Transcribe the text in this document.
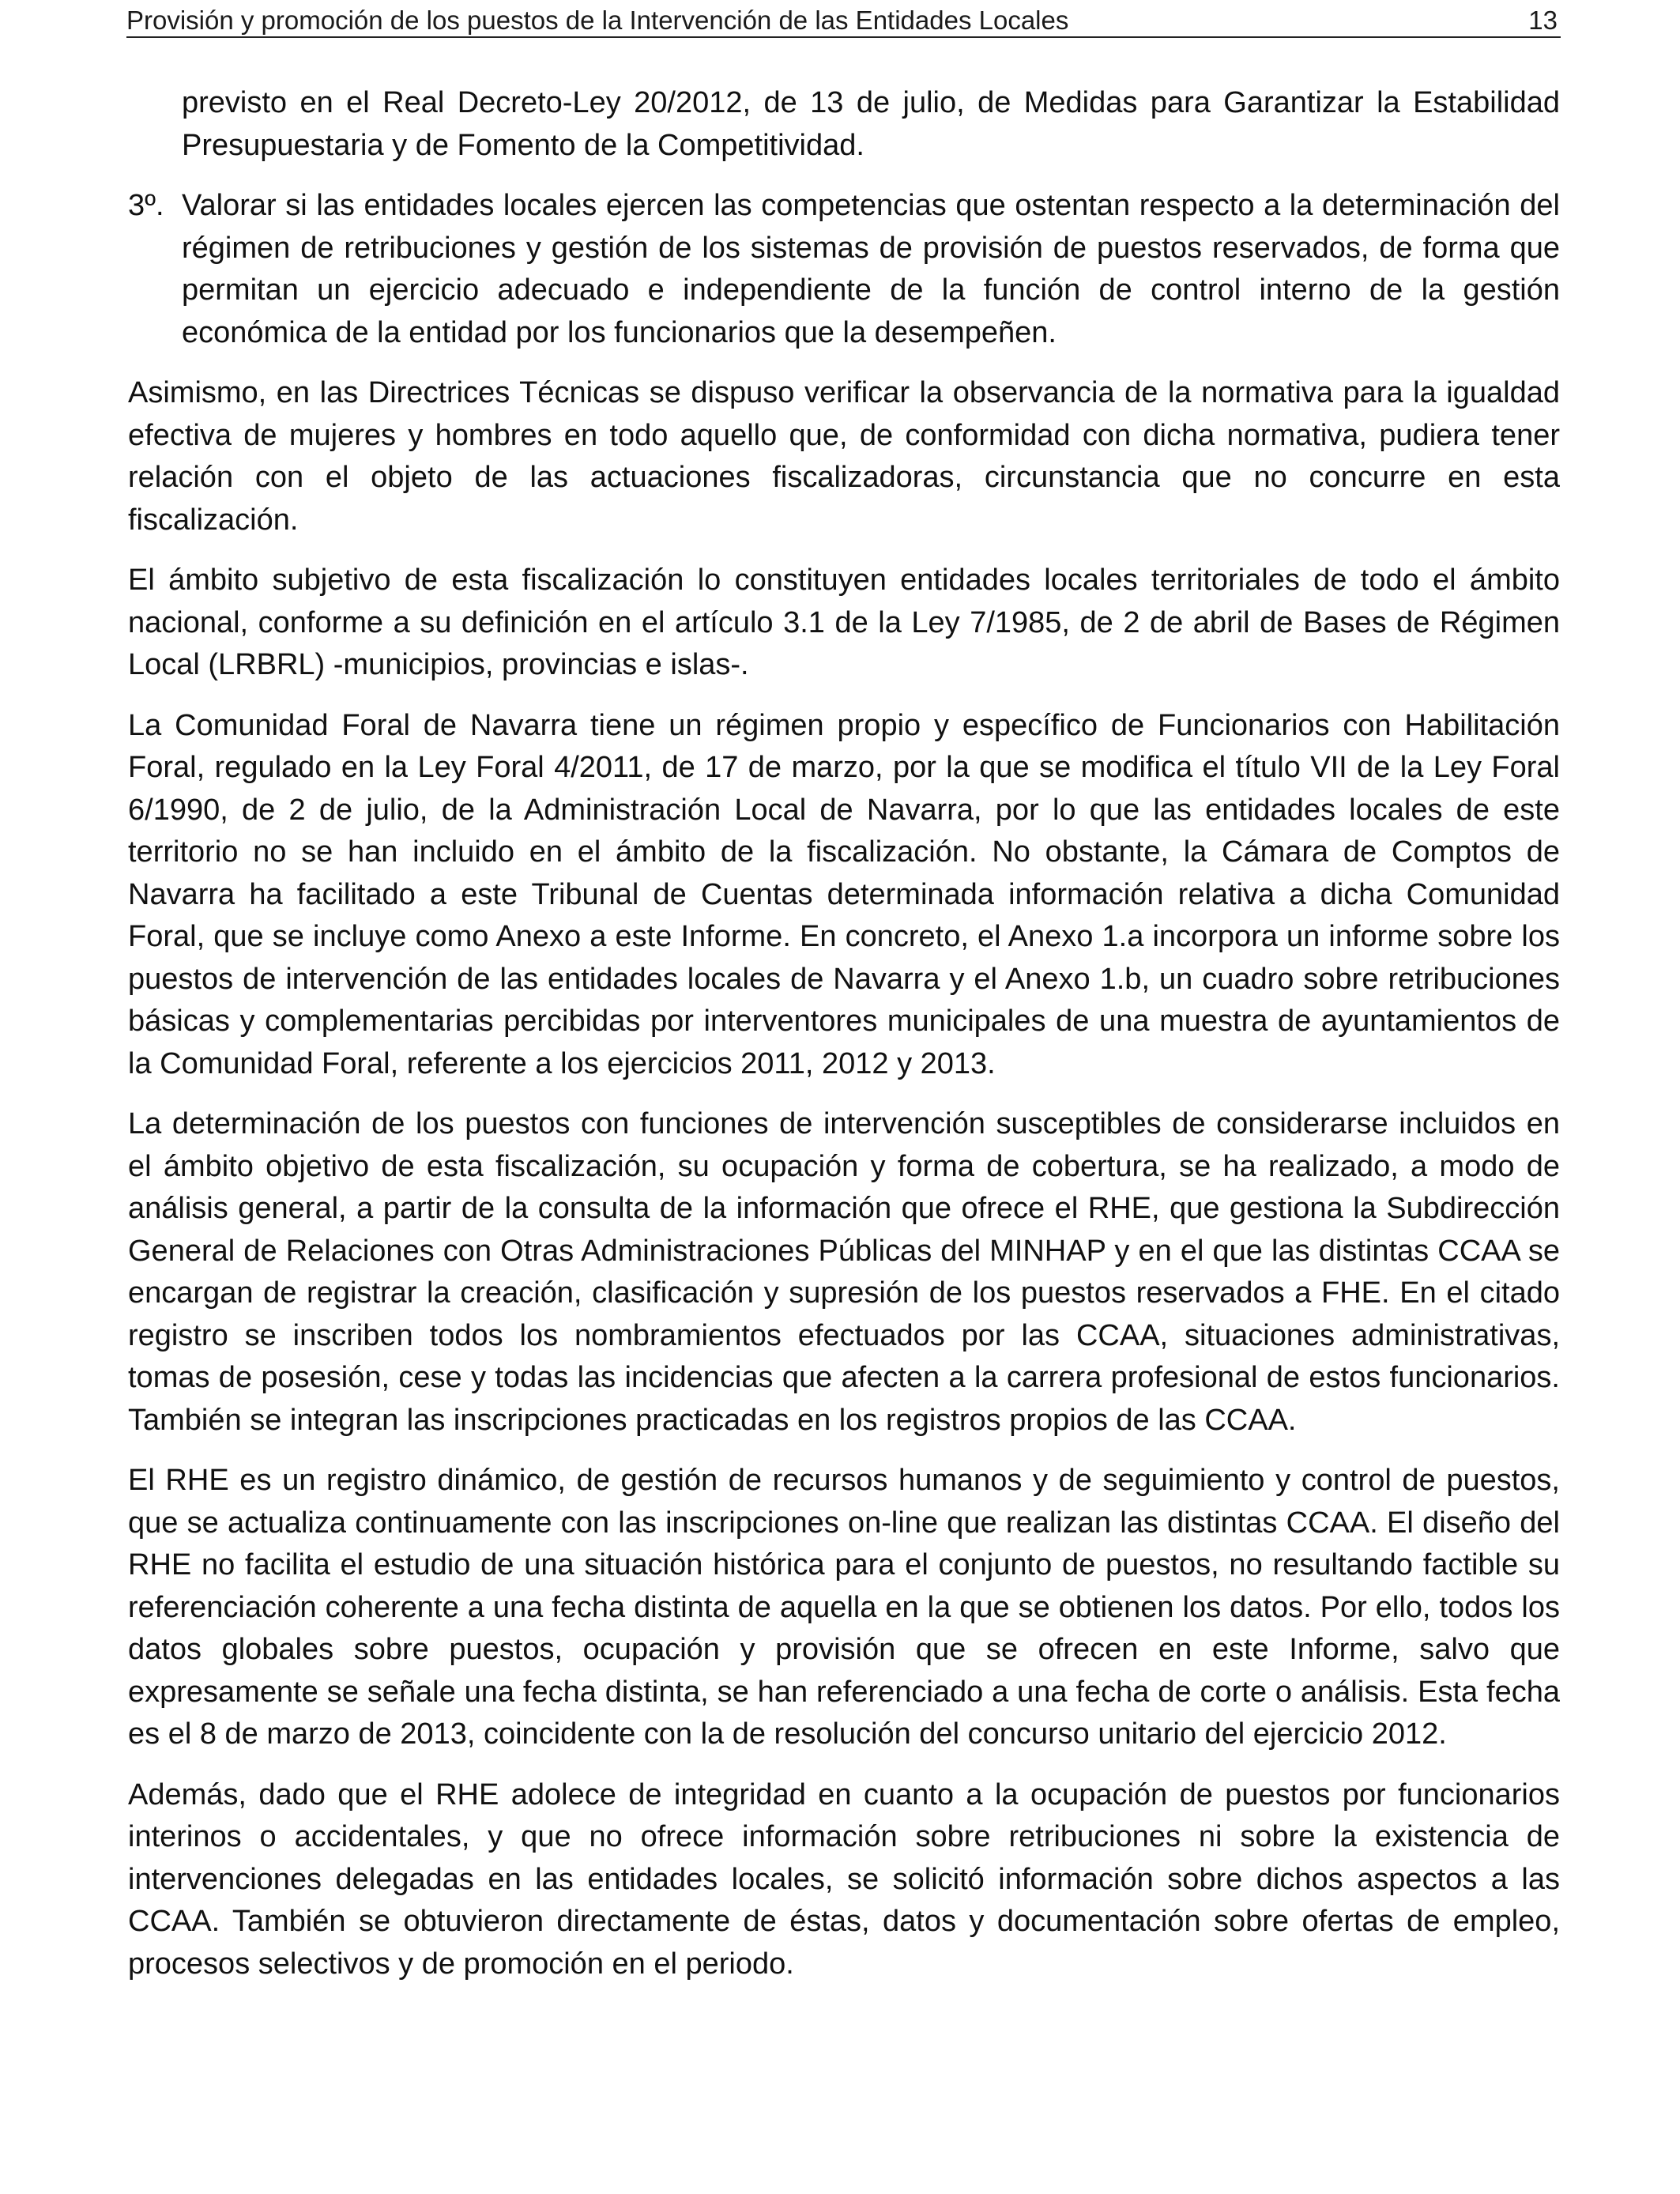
Provisión y promoción de los puestos de la Intervención de las Entidades Locales	13

previsto en el Real Decreto-Ley 20/2012, de 13 de julio, de Medidas para Garantizar la Estabilidad Presupuestaria y de Fomento de la Competitividad.

3º. Valorar si las entidades locales ejercen las competencias que ostentan respecto a la determinación del régimen de retribuciones y gestión de los sistemas de provisión de puestos reservados, de forma que permitan un ejercicio adecuado e independiente de la función de control interno de la gestión económica de la entidad por los funcionarios que la desempeñen.

Asimismo, en las Directrices Técnicas se dispuso verificar la observancia de la normativa para la igualdad efectiva de mujeres y hombres en todo aquello que, de conformidad con dicha normativa, pudiera tener relación con el objeto de las actuaciones fiscalizadoras, circunstancia que no concurre en esta fiscalización.

El ámbito subjetivo de esta fiscalización lo constituyen entidades locales territoriales de todo el ámbito nacional, conforme a su definición en el artículo 3.1 de la Ley 7/1985, de 2 de abril de Bases de Régimen Local (LRBRL) -municipios, provincias e islas-.

La Comunidad Foral de Navarra tiene un régimen propio y específico de Funcionarios con Habilitación Foral, regulado en la Ley Foral 4/2011, de 17 de marzo, por la que se modifica el título VII de la Ley Foral 6/1990, de 2 de julio, de la Administración Local de Navarra, por lo que las entidades locales de este territorio no se han incluido en el ámbito de la fiscalización. No obstante, la Cámara de Comptos de Navarra ha facilitado a este Tribunal de Cuentas determinada información relativa a dicha Comunidad Foral, que se incluye como Anexo a este Informe. En concreto, el Anexo 1.a incorpora un informe sobre los puestos de intervención de las entidades locales de Navarra y el Anexo 1.b, un cuadro sobre retribuciones básicas y complementarias percibidas por interventores municipales de una muestra de ayuntamientos de la Comunidad Foral, referente a los ejercicios 2011, 2012 y 2013.

La determinación de los puestos con funciones de intervención susceptibles de considerarse incluidos en el ámbito objetivo de esta fiscalización, su ocupación y forma de cobertura, se ha realizado, a modo de análisis general, a partir de la consulta de la información que ofrece el RHE, que gestiona la Subdirección General de Relaciones con Otras Administraciones Públicas del MINHAP y en el que las distintas CCAA se encargan de registrar la creación, clasificación y supresión de los puestos reservados a FHE. En el citado registro se inscriben todos los nombramientos efectuados por las CCAA, situaciones administrativas, tomas de posesión, cese y todas las incidencias que afecten a la carrera profesional de estos funcionarios. También se integran las inscripciones practicadas en los registros propios de las CCAA.

El RHE es un registro dinámico, de gestión de recursos humanos y de seguimiento y control de puestos, que se actualiza continuamente con las inscripciones on-line que realizan las distintas CCAA. El diseño del RHE no facilita el estudio de una situación histórica para el conjunto de puestos, no resultando factible su referenciación coherente a una fecha distinta de aquella en la que se obtienen los datos. Por ello, todos los datos globales sobre puestos, ocupación y provisión que se ofrecen en este Informe, salvo que expresamente se señale una fecha distinta, se han referenciado a una fecha de corte o análisis. Esta fecha es el 8 de marzo de 2013, coincidente con la de resolución del concurso unitario del ejercicio 2012.

Además, dado que el RHE adolece de integridad en cuanto a la ocupación de puestos por funcionarios interinos o accidentales, y que no ofrece información sobre retribuciones ni sobre la existencia de intervenciones delegadas en las entidades locales, se solicitó información sobre dichos aspectos a las CCAA. También se obtuvieron directamente de éstas, datos y documentación sobre ofertas de empleo, procesos selectivos y de promoción en el periodo.
